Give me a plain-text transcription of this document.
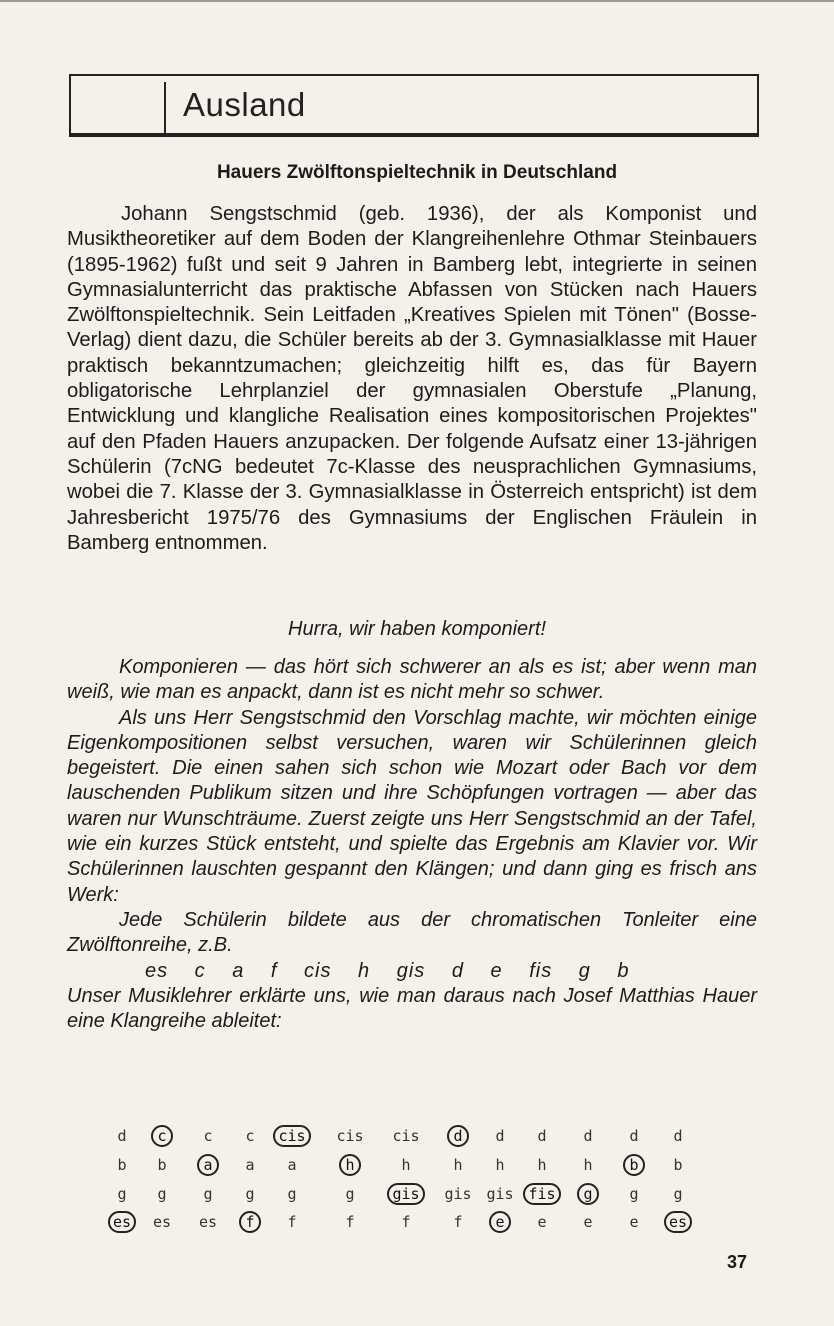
Ausland
Hauers Zwölftonspieltechnik in Deutschland

Johann Sengstschmid (geb. 1936), der als Komponist und Musiktheoretiker auf dem Boden der Klangreihenlehre Othmar Steinbauers (1895-1962) fußt und seit 9 Jahren in Bamberg lebt, integrierte in seinen Gymnasialunterricht das praktische Abfassen von Stücken nach Hauers Zwölftonspieltechnik. Sein Leitfaden „Kreatives Spielen mit Tönen" (Bosse-Verlag) dient dazu, die Schüler bereits ab der 3. Gymnasialklasse mit Hauer praktisch bekanntzumachen; gleichzeitig hilft es, das für Bayern obligatorische Lehrplanziel der gymnasialen Oberstufe „Planung, Entwicklung und klangliche Realisation eines kompositorischen Projektes" auf den Pfaden Hauers anzupacken. Der folgende Aufsatz einer 13-jährigen Schülerin (7cNG bedeutet 7c-Klasse des neusprachlichen Gymnasiums, wobei die 7. Klasse der 3. Gymnasialklasse in Österreich entspricht) ist dem Jahresbericht 1975/76 des Gymnasiums der Englischen Fräulein in Bamberg entnommen.

Hurra, wir haben komponiert!

Komponieren — das hört sich schwerer an als es ist; aber wenn man weiß, wie man es anpackt, dann ist es nicht mehr so schwer.

Als uns Herr Sengstschmid den Vorschlag machte, wir möchten einige Eigenkompositionen selbst versuchen, waren wir Schülerinnen gleich begeistert. Die einen sahen sich schon wie Mozart oder Bach vor dem lauschenden Publikum sitzen und ihre Schöpfungen vortragen — aber das waren nur Wunschträume. Zuerst zeigte uns Herr Sengstschmid an der Tafel, wie ein kurzes Stück entsteht, und spielte das Ergebnis am Klavier vor. Wir Schülerinnen lauschten gespannt den Klängen; und dann ging es frisch ans Werk:

Jede Schülerin bildete aus der chromatischen Tonleiter eine Zwölftonreihe, z.B.

es c a f cis h gis d e fis g b

Unser Musiklehrer erklärte uns, wie man daraus nach Josef Matthias Hauer eine Klangreihe ableitet:

d	c	c	c	cis	cis	cis	d	d	d	d	d	d
b	b	a	a	a	h	h	h	h	h	h	b	b
g	g	g	g	g	g	gis	gis gis fis	g	g	g
es	es	es	f	f	f	f	f	e	e	e	e	es
37
